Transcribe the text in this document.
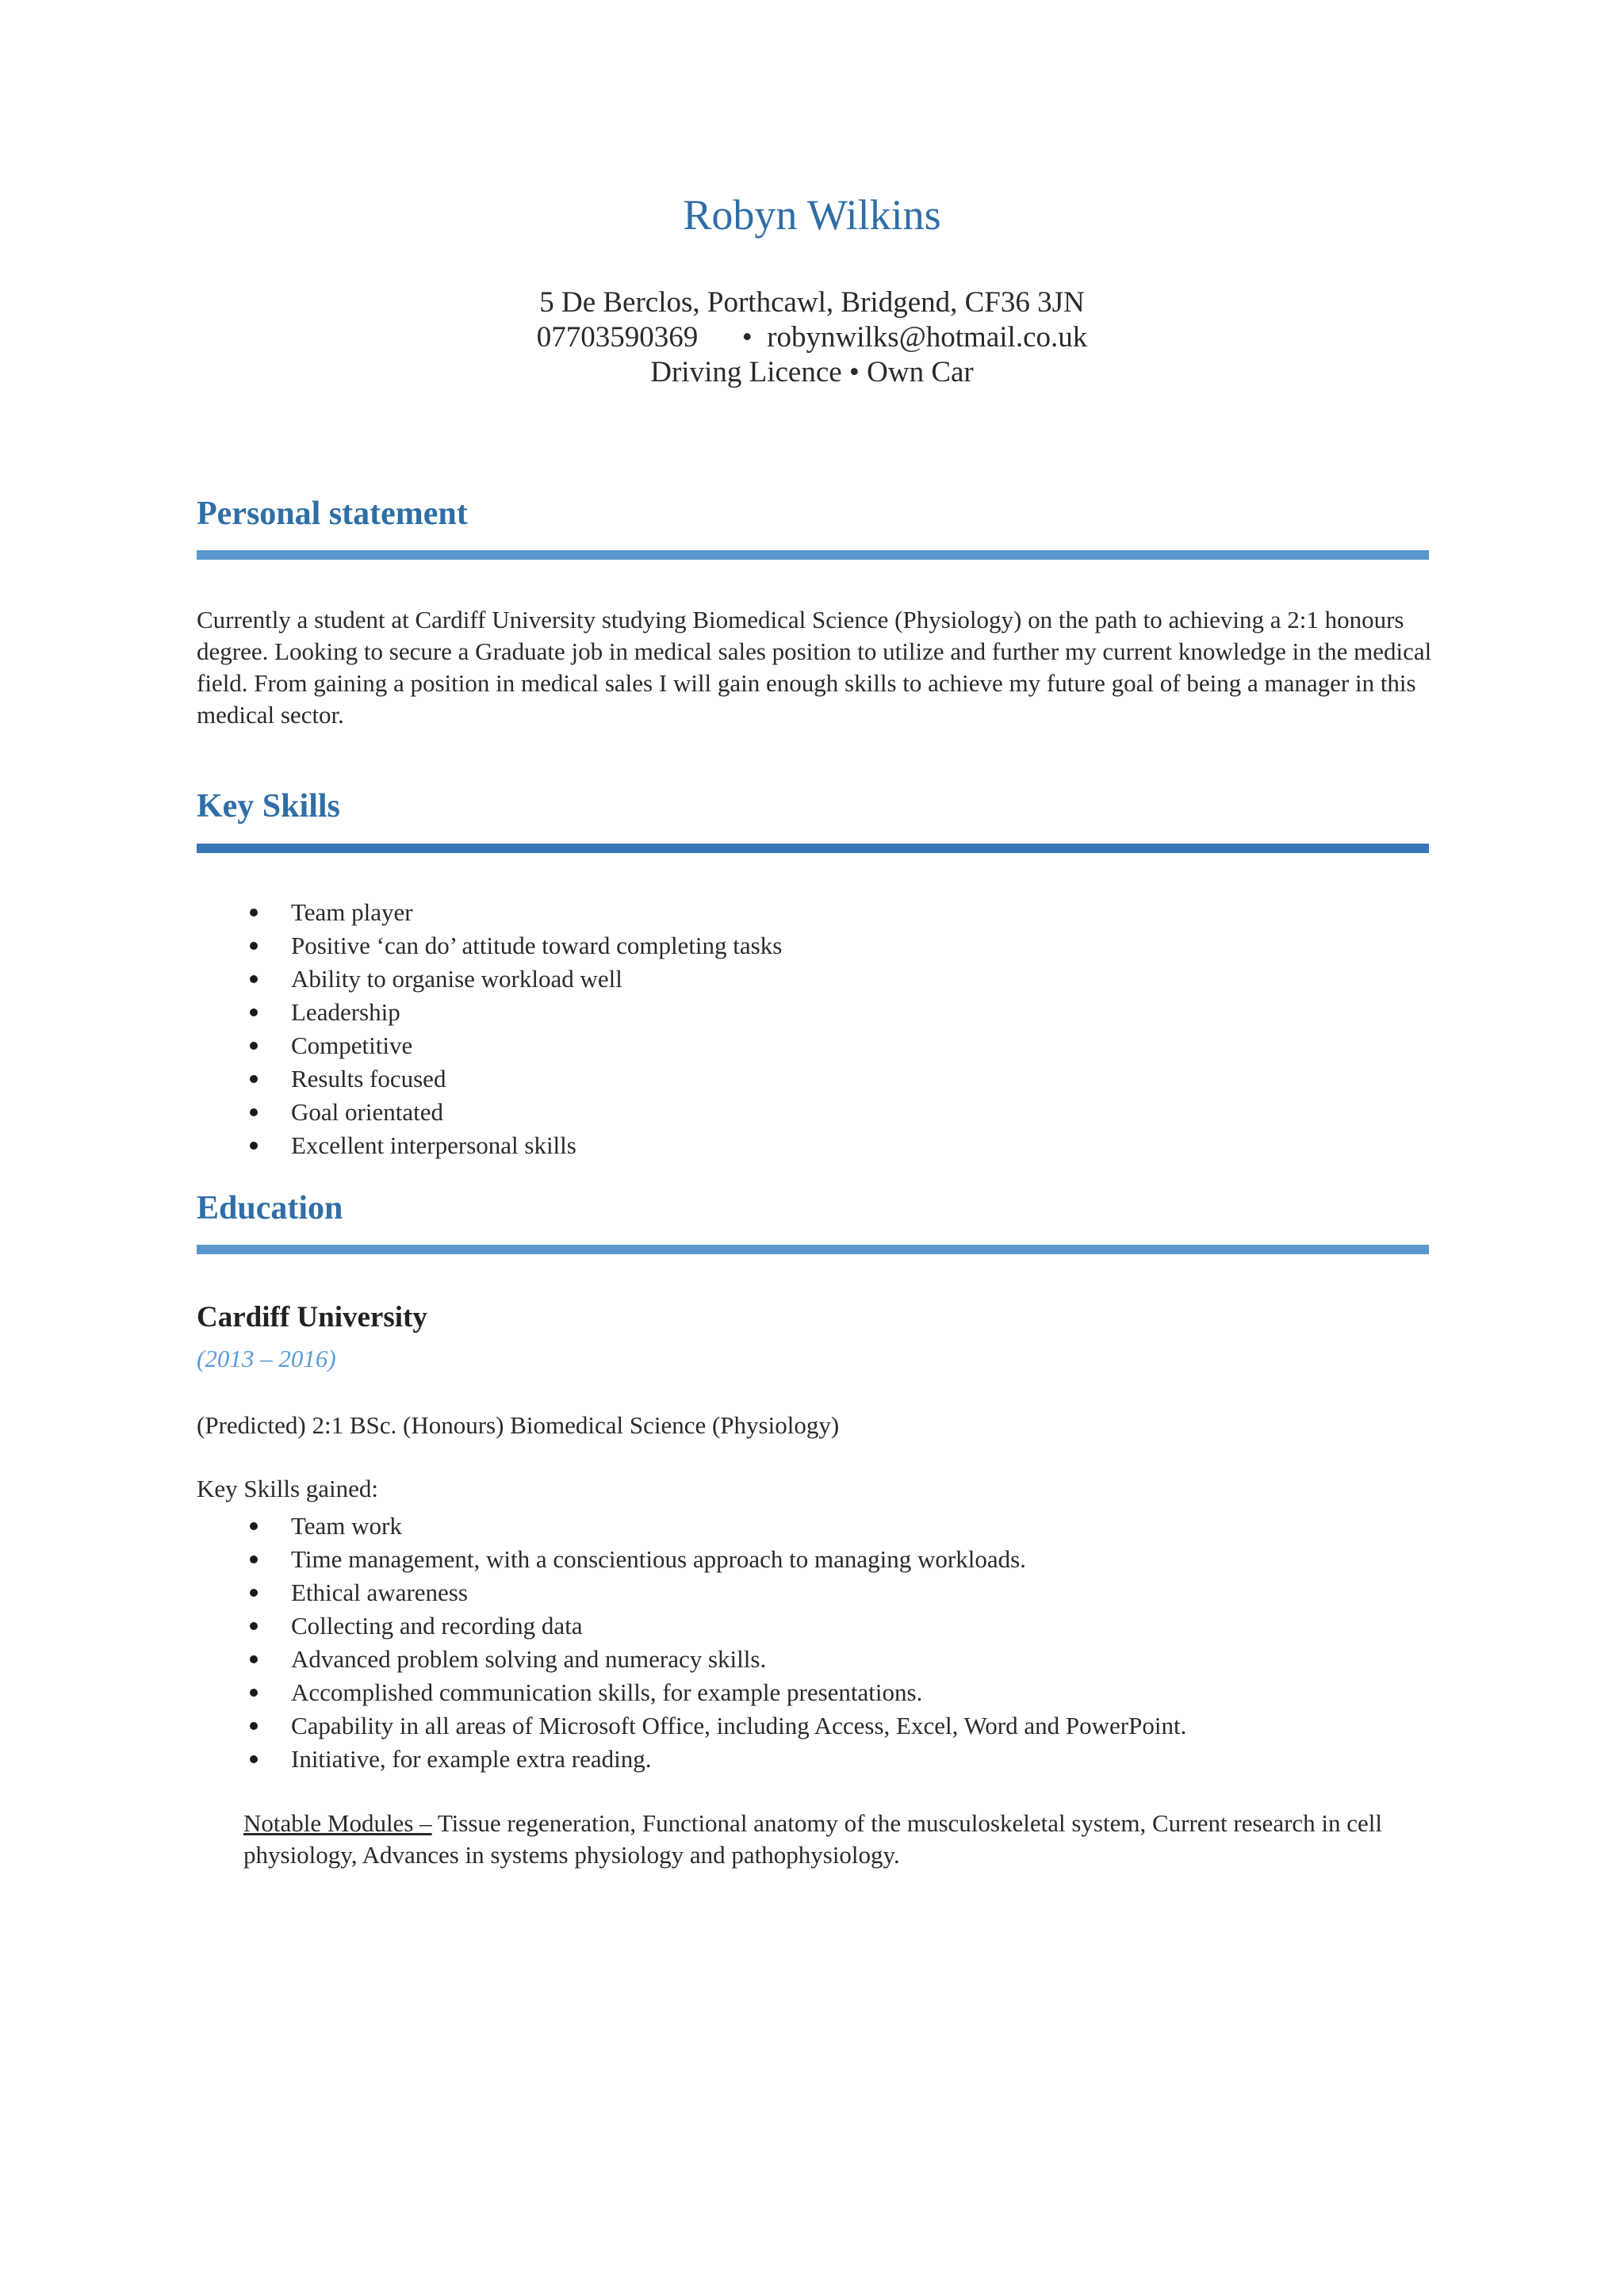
Robyn Wilkins
5 De Berclos, Porthcawl, Bridgend, CF36 3JN
07703590369      •  robynwilks@hotmail.co.uk
Driving Licence • Own Car
Personal statement
Currently a student at Cardiff University studying Biomedical Science (Physiology) on the path to achieving a 2:1 honours degree. Looking to secure a Graduate job in medical sales position to utilize and further my current knowledge in the medical field. From gaining a position in medical sales I will gain enough skills to achieve my future goal of being a manager in this medical sector.
Key Skills
Team player
Positive ‘can do’ attitude toward completing tasks
Ability to organise workload well
Leadership
Competitive
Results focused
Goal orientated
Excellent interpersonal skills
Education
Cardiff University
(2013 – 2016)
(Predicted) 2:1 BSc. (Honours) Biomedical Science (Physiology)
Key Skills gained:
Team work
Time management, with a conscientious approach to managing workloads.
Ethical awareness
Collecting and recording data
Advanced problem solving and numeracy skills.
Accomplished communication skills, for example presentations.
Capability in all areas of Microsoft Office, including Access, Excel, Word and PowerPoint.
Initiative, for example extra reading.
Notable Modules – Tissue regeneration, Functional anatomy of the musculoskeletal system, Current research in cell physiology, Advances in systems physiology and pathophysiology.
